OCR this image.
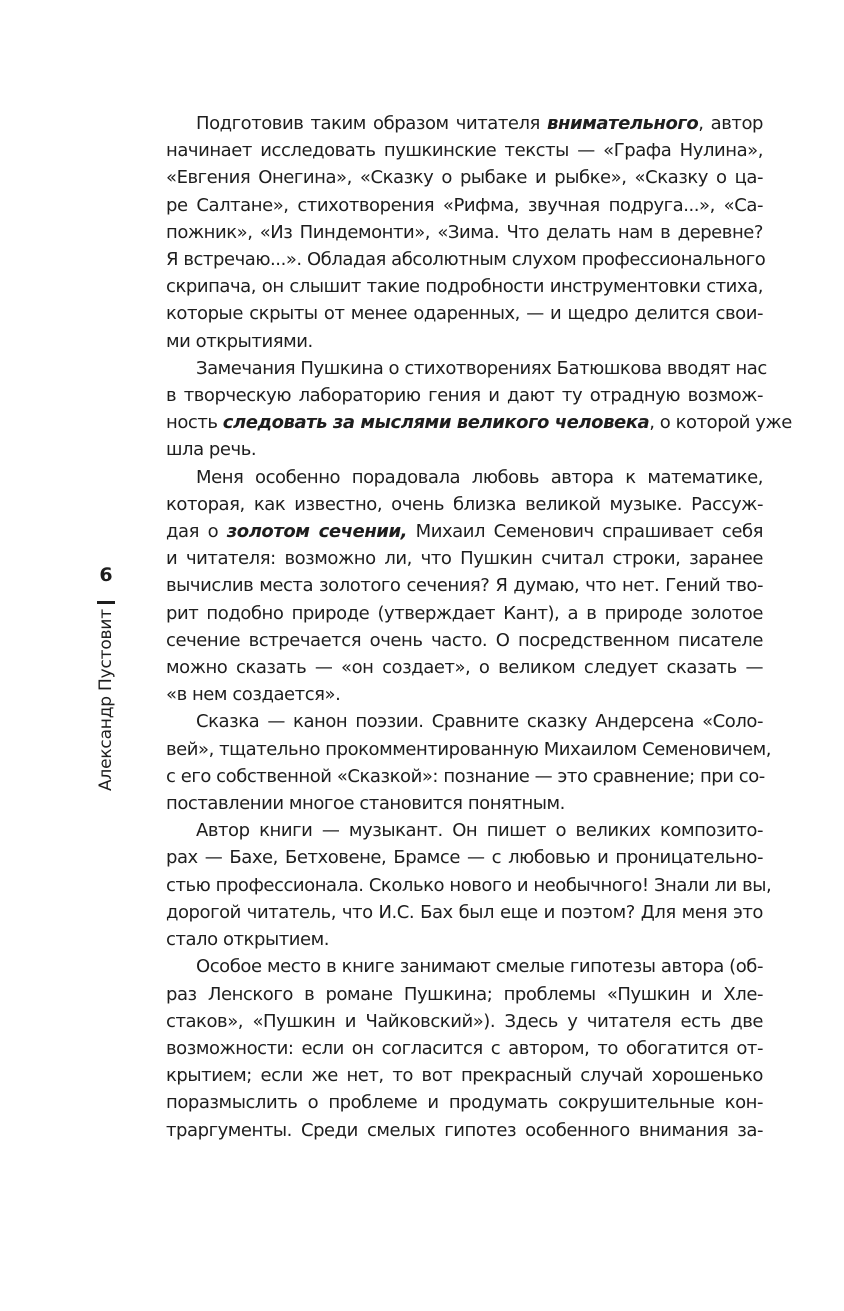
6
Александр Пустовит
Подготовив таким образом читателя внимательного, автор
начинает исследовать пушкинские тексты — «Графа Нулина»,
«Евгения Онегина», «Сказку о рыбаке и рыбке», «Сказку о ца-
ре Салтане», стихотворения «Рифма, звучная подруга...», «Са-
пожник», «Из Пиндемонти», «Зима. Что делать нам в деревне?
Я встречаю...». Обладая абсолютным слухом профессионального
скрипача, он слышит такие подробности инструментовки стиха,
которые скрыты от менее одаренных, — и щедро делится свои-
ми открытиями.
Замечания Пушкина о стихотворениях Батюшкова вводят нас
в творческую лабораторию гения и дают ту отрадную возмож-
ность следовать за мыслями великого человека, о которой уже
шла речь.
Меня особенно порадовала любовь автора к математике,
которая, как известно, очень близка великой музыке. Рассуж-
дая о золотом сечении, Михаил Семенович спрашивает себя
и читателя: возможно ли, что Пушкин считал строки, заранее
вычислив места золотого сечения? Я думаю, что нет. Гений тво-
рит подобно природе (утверждает Кант), а в природе золотое
сечение встречается очень часто. О посредственном писателе
можно сказать — «он создает», о великом следует сказать —
«в нем создается».
Сказка — канон поэзии. Сравните сказку Андерсена «Соло-
вей», тщательно прокомментированную Михаилом Семеновичем,
с его собственной «Сказкой»: познание — это сравнение; при со-
поставлении многое становится понятным.
Автор книги — музыкант. Он пишет о великих композито-
рах — Бахе, Бетховене, Брамсе — с любовью и проницательно-
стью профессионала. Сколько нового и необычного! Знали ли вы,
дорогой читатель, что И.С. Бах был еще и поэтом? Для меня это
стало открытием.
Особое место в книге занимают смелые гипотезы автора (об-
раз Ленского в романе Пушкина; проблемы «Пушкин и Хле-
стаков», «Пушкин и Чайковский»). Здесь у читателя есть две
возможности: если он согласится с автором, то обогатится от-
крытием; если же нет, то вот прекрасный случай хорошенько
поразмыслить о проблеме и продумать сокрушительные кон-
траргументы. Среди смелых гипотез особенного внимания за-
